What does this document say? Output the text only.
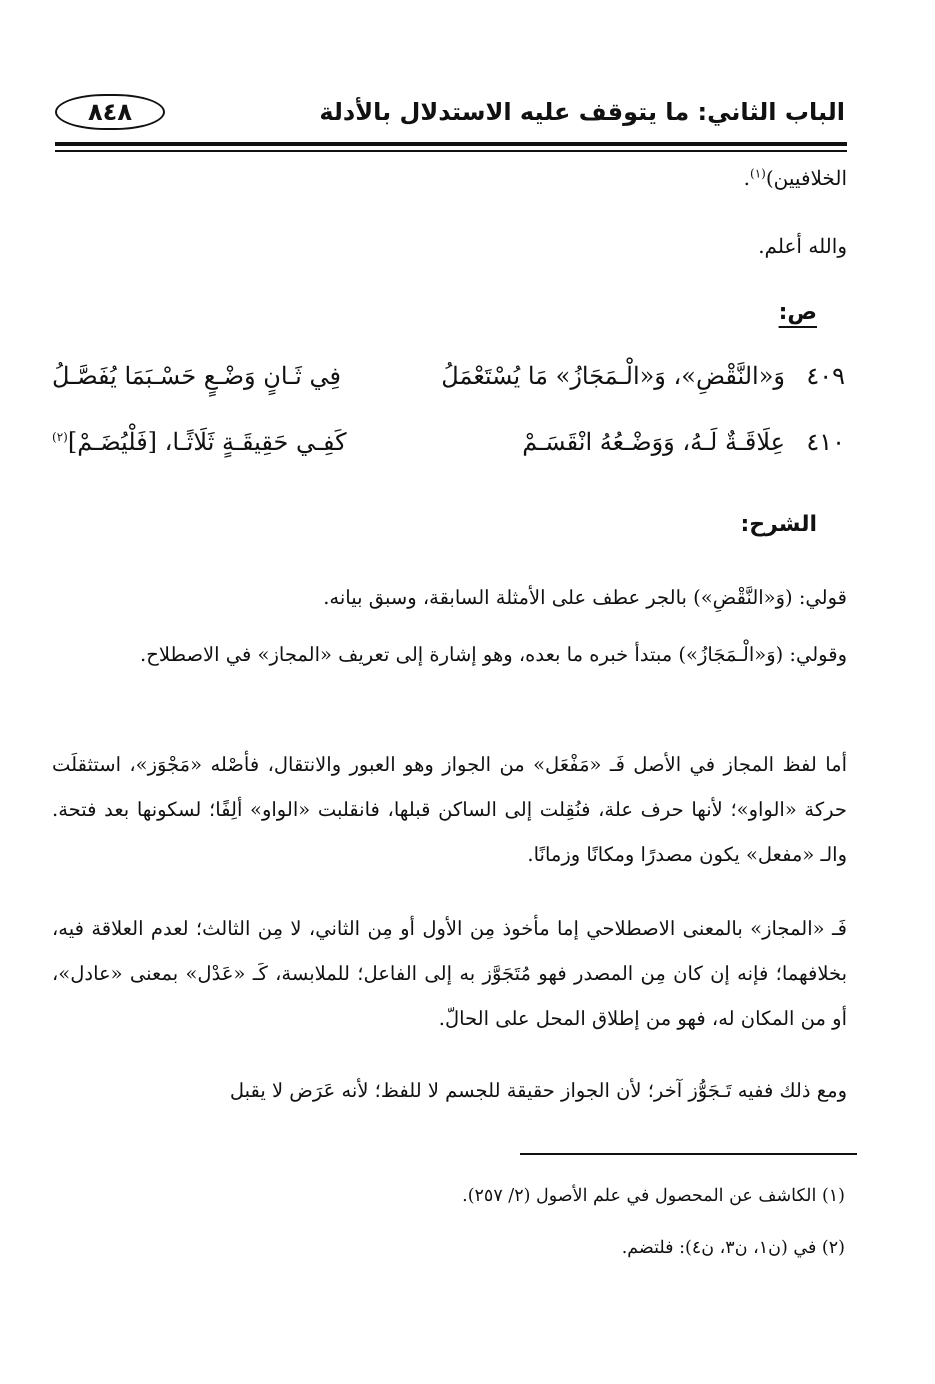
الباب الثاني: ما يتوقف عليه الاستدلال بالأدلة
٨٤٨
الخلافيين)$^{(١)}$.
والله أعلم.
ص:
٤٠٩
وَ«النَّقْضِ»، وَ«الْـمَجَازُ» مَا يُسْتَعْمَلُ
فِي ثَـانٍ وَضْـعٍ حَسْـبَمَا يُفَصَّـلُ
٤١٠
عِلَاقَـةٌ لَـهُ، وَوَضْـعُهُ انْقَسَـمْ
كَفِـي حَقِيقَـةٍ ثَلَاثًـا، [فَلْيُضَـمْ]$^{(٢)}$
الشرح:
قولي: (وَ«النَّقْضِ») بالجر عطف على الأمثلة السابقة، وسبق بيانه.
وقولي: (وَ«الْـمَجَازُ») مبتدأ خبره ما بعده، وهو إشارة إلى تعريف «المجاز» في الاصطلاح.
أما لفظ المجاز في الأصل فَـ «مَفْعَل» من الجواز وهو العبور والانتقال، فأصْله «مَجْوَز»، استثقلَت حركة «الواو»؛ لأنها حرف علة، فنُقِلت إلى الساكن قبلها، فانقلبت «الواو» ألِفًا؛ لسكونها بعد فتحة. والـ «مفعل» يكون مصدرًا ومكانًا وزمانًا.
فَـ «المجاز» بالمعنى الاصطلاحي إما مأخوذ مِن الأول أو مِن الثاني، لا مِن الثالث؛ لعدم العلاقة فيه، بخلافهما؛ فإنه إن كان مِن المصدر فهو مُتَجَوَّز به إلى الفاعل؛ للملابسة، كَـ «عَدْل» بمعنى «عادل»، أو من المكان له، فهو من إطلاق المحل على الحالّ.
ومع ذلك ففيه تَـجَوُّز آخر؛ لأن الجواز حقيقة للجسم لا للفظ؛ لأنه عَرَض لا يقبل
(١) الكاشف عن المحصول في علم الأصول (٢/ ٢٥٧).
(٢) في (ن١، ن٣، ن٤): فلتضم.
